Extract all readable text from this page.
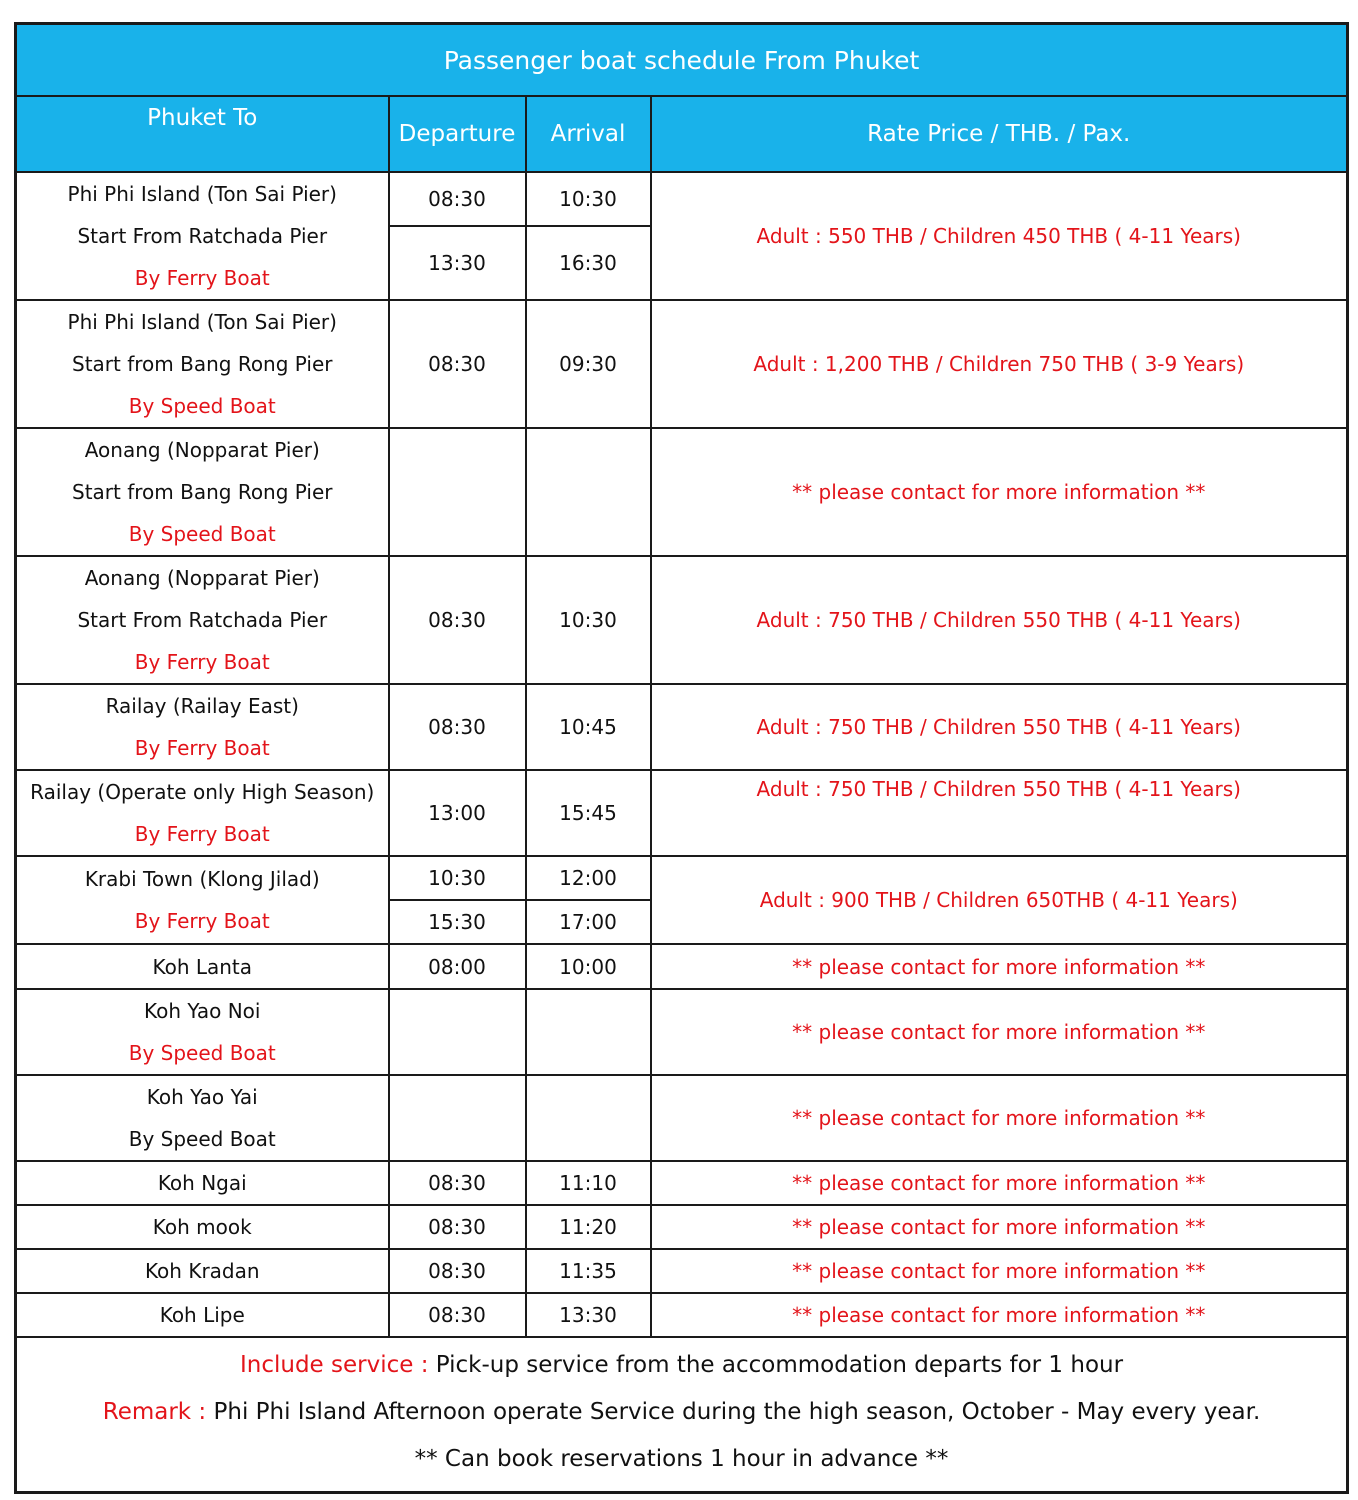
Passenger boat schedule From Phuket			
Phuket To	Departure	Arrival	Rate Price / THB. / Pax.

Phi Phi Island (Ton Sai Pier)
Start From Ratchada Pier
By Ferry Boat	08:30	10:30	Adult : 550 THB / Children 450 THB ( 4-11 Years)
	13:30	16:30	

Phi Phi Island (Ton Sai Pier)
Start from Bang Rong Pier
By Speed Boat	08:30	09:30	Adult : 1,200 THB / Children 750 THB ( 3-9 Years)

Aonang (Nopparat Pier)
Start from Bang Rong Pier
By Speed Boat			** please contact for more information **

Aonang (Nopparat Pier)
Start From Ratchada Pier
By Ferry Boat	08:30	10:30	Adult : 750 THB / Children 550 THB ( 4-11 Years)

Railay (Railay East)
By Ferry Boat	08:30	10:45	Adult : 750 THB / Children 550 THB ( 4-11 Years)

Railay (Operate only High Season)
By Ferry Boat	13:00	15:45	Adult : 750 THB / Children 550 THB ( 4-11 Years)

Krabi Town (Klong Jilad)
By Ferry Boat	10:30	12:00	Adult : 900 THB / Children 650THB ( 4-11 Years)
	15:30	17:00	

Koh Lanta	08:00	10:00	** please contact for more information **

Koh Yao Noi
By Speed Boat			** please contact for more information **

Koh Yao Yai
By Speed Boat			** please contact for more information **

Koh Ngai	08:30	11:10	** please contact for more information **

Koh mook	08:30	11:20	** please contact for more information **

Koh Kradan	08:30	11:35	** please contact for more information **

Koh Lipe	08:30	13:30	** please contact for more information **

Include service : Pick-up service from the accommodation departs for 1 hour
Remark : Phi Phi Island Afternoon operate Service during the high season, October - May every year.
** Can book reservations 1 hour in advance **			
